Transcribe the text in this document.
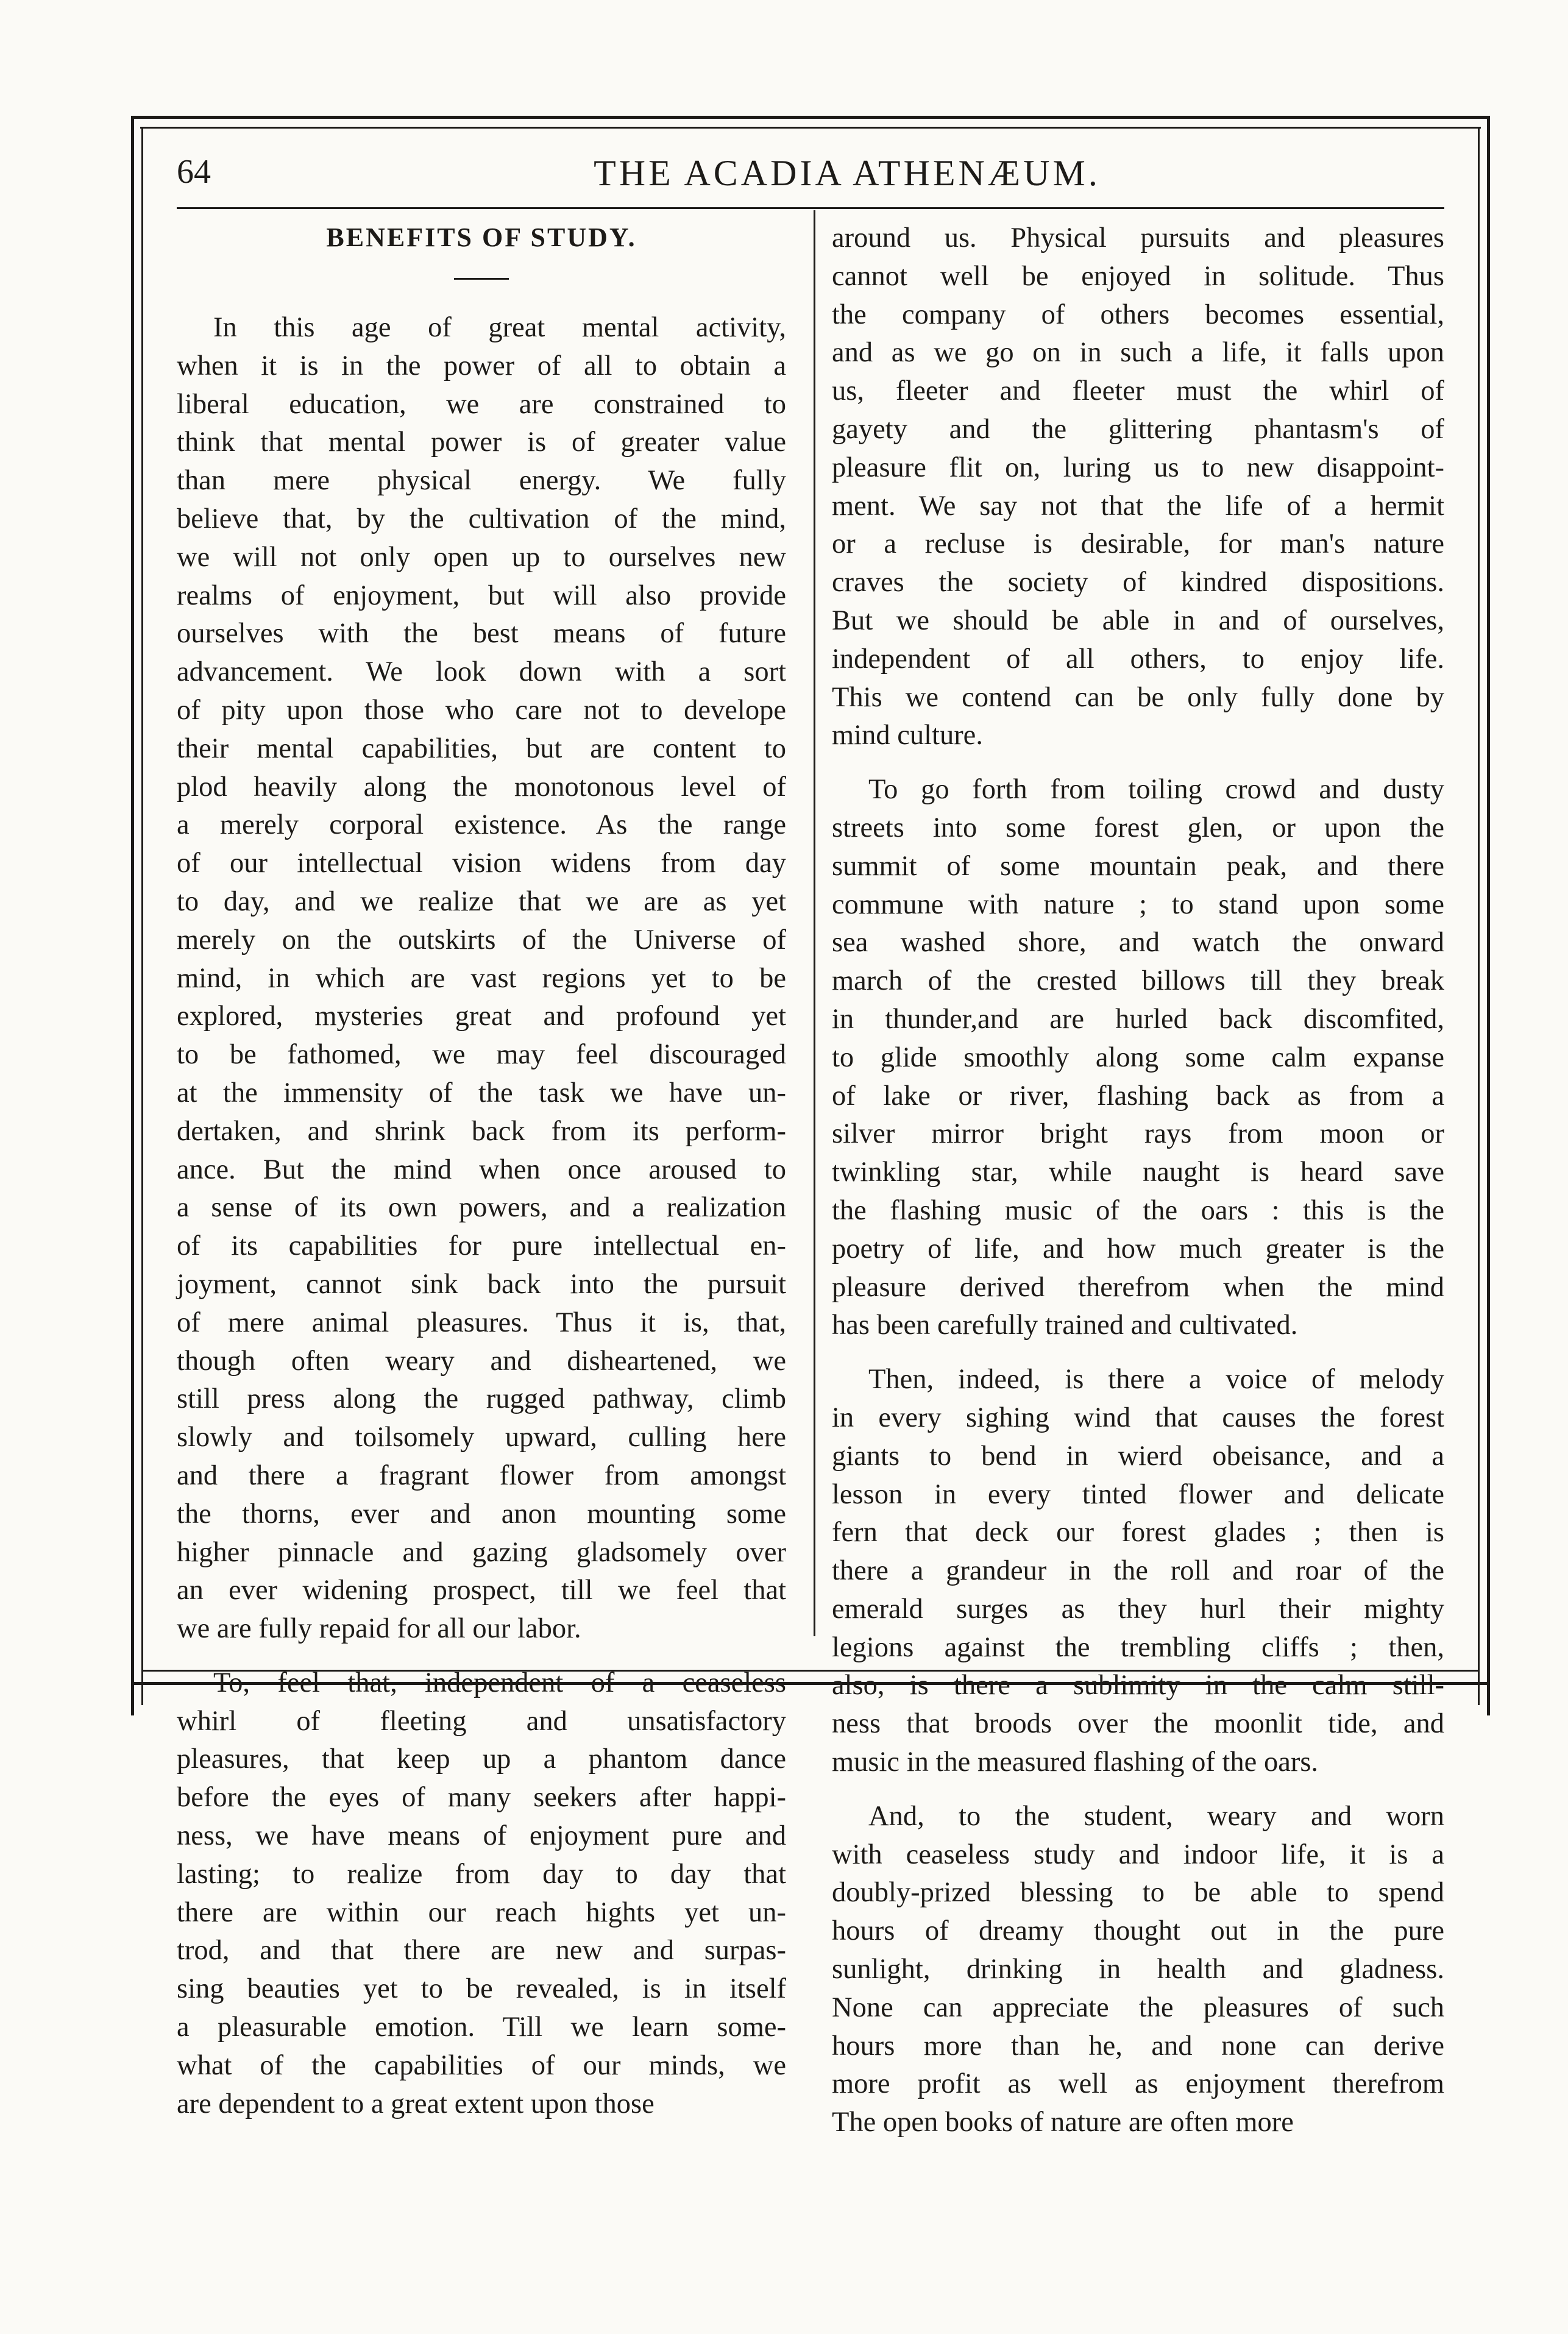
64	THE ACADIA ATHENÆUM.
BENEFITS OF STUDY.
In this age of great mental activity,
when it is in the power of all to obtain a
liberal education, we are constrained to
think that mental power is of greater value
than mere physical energy. We fully
believe that, by the cultivation of the mind,
we will not only open up to ourselves new
realms of enjoyment, but will also provide
ourselves with the best means of future
advancement. We look down with a sort
of pity upon those who care not to develope
their mental capabilities, but are content to
plod heavily along the monotonous level of
a merely corporal existence. As the range
of our intellectual vision widens from day
to day, and we realize that we are as yet
merely on the outskirts of the Universe of
mind, in which are vast regions yet to be
explored, mysteries great and profound yet
to be fathomed, we may feel discouraged
at the immensity of the task we have un-
dertaken, and shrink back from its perform-
ance. But the mind when once aroused to
a sense of its own powers, and a realization
of its capabilities for pure intellectual en-
joyment, cannot sink back into the pursuit
of mere animal pleasures. Thus it is, that,
though often weary and disheartened, we
still press along the rugged pathway, climb
slowly and toilsomely upward, culling here
and there a fragrant flower from amongst
the thorns, ever and anon mounting some
higher pinnacle and gazing gladsomely over
an ever widening prospect, till we feel that
we are fully repaid for all our labor.
To, feel that, independent of a ceaseless
whirl of fleeting and unsatisfactory
pleasures, that keep up a phantom dance
before the eyes of many seekers after happi-
ness, we have means of enjoyment pure and
lasting; to realize from day to day that
there are within our reach hights yet un-
trod, and that there are new and surpas-
sing beauties yet to be revealed, is in itself
a pleasurable emotion. Till we learn some-
what of the capabilities of our minds, we
are dependent to a great extent upon those
around us. Physical pursuits and pleasures
cannot well be enjoyed in solitude. Thus
the company of others becomes essential,
and as we go on in such a life, it falls upon
us, fleeter and fleeter must the whirl of
gayety and the glittering phantasm's of
pleasure flit on, luring us to new disappoint-
ment. We say not that the life of a hermit
or a recluse is desirable, for man's nature
craves the society of kindred dispositions.
But we should be able in and of ourselves,
independent of all others, to enjoy life.
This we contend can be only fully done by
mind culture.
To go forth from toiling crowd and dusty
streets into some forest glen, or upon the
summit of some mountain peak, and there
commune with nature ; to stand upon some
sea washed shore, and watch the onward
march of the crested billows till they break
in thunder,and are hurled back discomfited,
to glide smoothly along some calm expanse
of lake or river, flashing back as from a
silver mirror bright rays from moon or
twinkling star, while naught is heard save
the flashing music of the oars : this is the
poetry of life, and how much greater is the
pleasure derived therefrom when the mind
has been carefully trained and cultivated.
Then, indeed, is there a voice of melody
in every sighing wind that causes the forest
giants to bend in wierd obeisance, and a
lesson in every tinted flower and delicate
fern that deck our forest glades ; then is
there a grandeur in the roll and roar of the
emerald surges as they hurl their mighty
legions against the trembling cliffs ; then,
also, is there a sublimity in the calm still-
ness that broods over the moonlit tide, and
music in the measured flashing of the oars.
And, to the student, weary and worn
with ceaseless study and indoor life, it is a
doubly-prized blessing to be able to spend
hours of dreamy thought out in the pure
sunlight, drinking in health and gladness.
None can appreciate the pleasures of such
hours more than he, and none can derive
more profit as well as enjoyment therefrom
The open books of nature are often more
